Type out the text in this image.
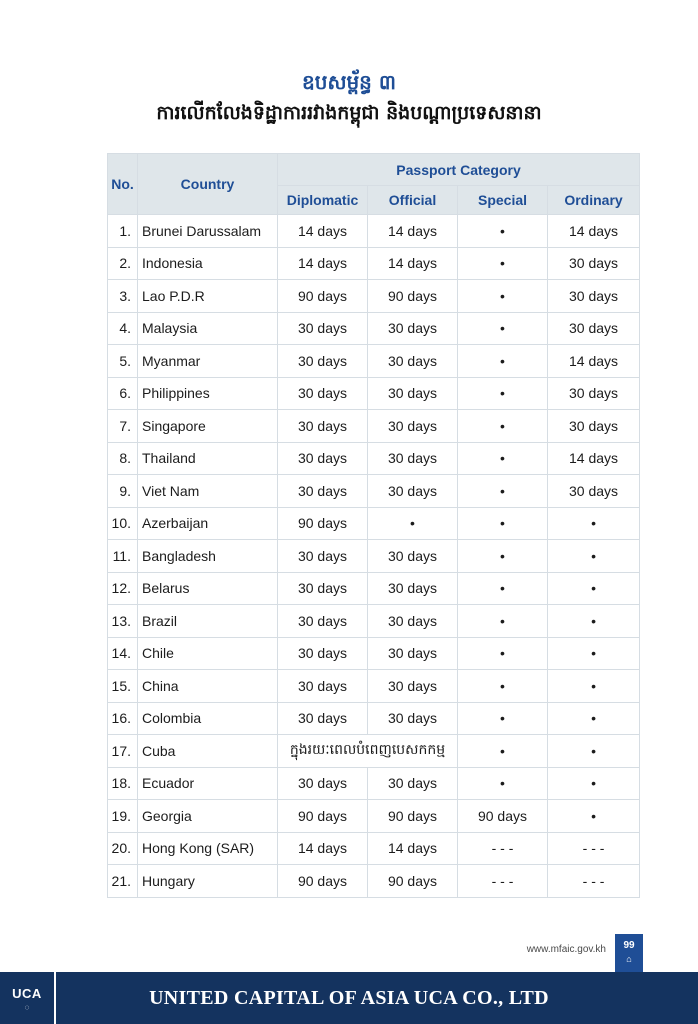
ឧបសម្ព័ន្ធ ៣
ការលើកលែងទិដ្ឋាការរវាងកម្ពុជា និងបណ្តាប្រទេសនានា
No.	Country	Passport Category			
		Diplomatic	Official	Special	Ordinary
1.	Brunei Darussalam	14 days	14 days	•	14 days
2.	Indonesia	14 days	14 days	•	30 days
3.	Lao P.D.R	90 days	90 days	•	30 days
4.	Malaysia	30 days	30 days	•	30 days
5.	Myanmar	30 days	30 days	•	14 days
6.	Philippines	30 days	30 days	•	30 days
7.	Singapore	30 days	30 days	•	30 days
8.	Thailand	30 days	30 days	•	14 days
9.	Viet Nam	30 days	30 days	•	30 days
10.	Azerbaijan	90 days	•	•	•
11.	Bangladesh	30 days	30 days	•	•
12.	Belarus	30 days	30 days	•	•
13.	Brazil	30 days	30 days	•	•
14.	Chile	30 days	30 days	•	•
15.	China	30 days	30 days	•	•
16.	Colombia	30 days	30 days	•	•
17.	Cuba	ក្នុងរយៈពេលបំពេញបេសកកម្ម		•	•
18.	Ecuador	30 days	30 days	•	•
19.	Georgia	90 days	90 days	90 days	•
20.	Hong Kong (SAR)	14 days	14 days	- - -	- - -
21.	Hungary	90 days	90 days	- - -	- - -
www.mfaic.gov.kh	99
⌂
UNITED CAPITAL OF ASIA UCA CO., LTD
UCA
◌
